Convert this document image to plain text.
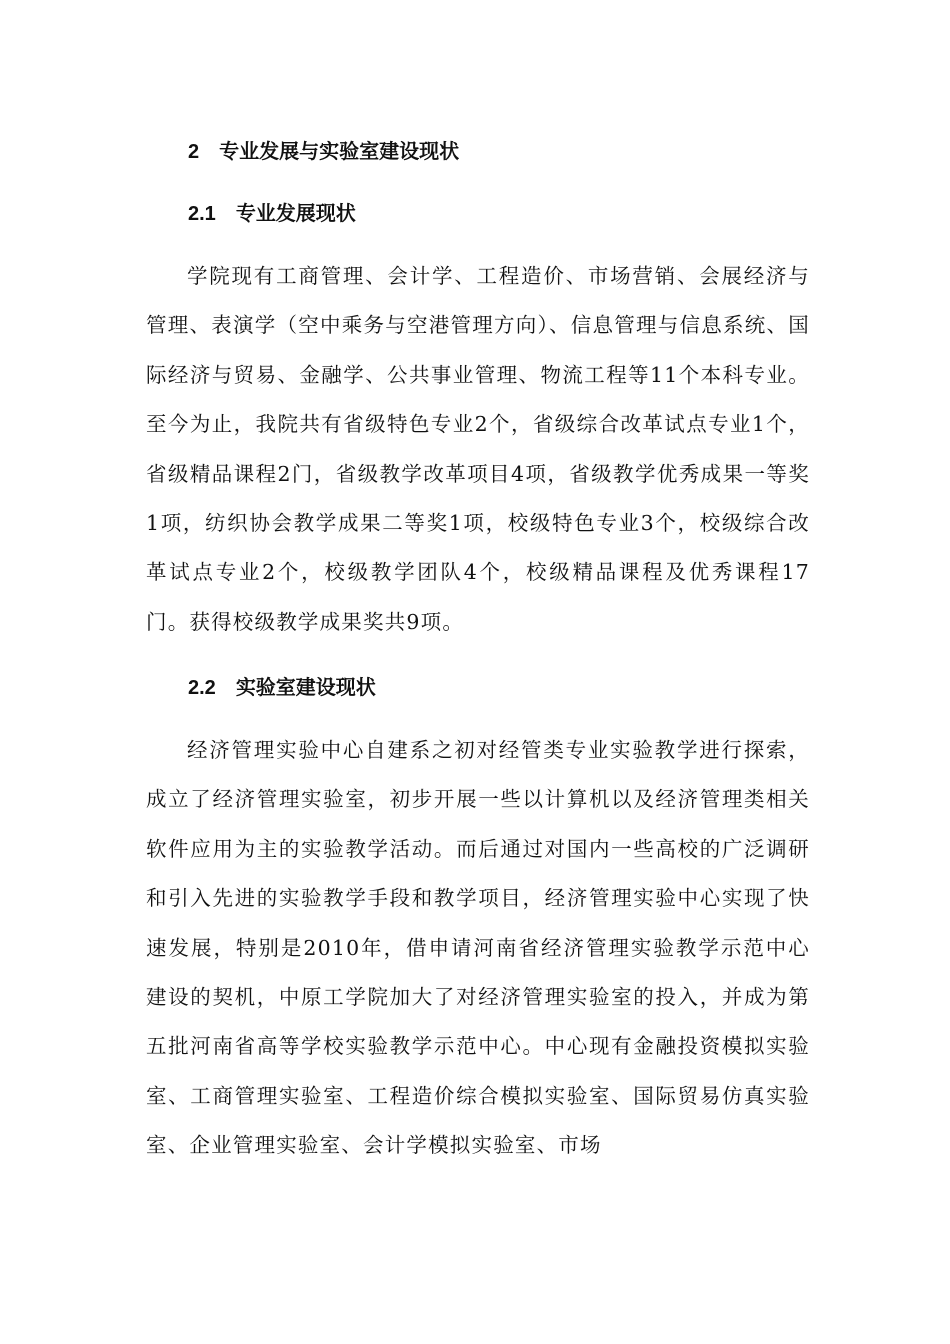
2 专业发展与实验室建设现状
2.1 专业发展现状
学院现有工商管理、会计学、工程造价、市场营销、会展经济与管理、表演学（空中乘务与空港管理方向）、信息管理与信息系统、国际经济与贸易、金融学、公共事业管理、物流工程等11个本科专业。至今为止，我院共有省级特色专业2个，省级综合改革试点专业1个，省级精品课程2门，省级教学改革项目4项，省级教学优秀成果一等奖1项，纺织协会教学成果二等奖1项，校级特色专业3个，校级综合改革试点专业2个，校级教学团队4个，校级精品课程及优秀课程17门。获得校级教学成果奖共9项。
2.2 实验室建设现状
经济管理实验中心自建系之初对经管类专业实验教学进行探索，成立了经济管理实验室，初步开展一些以计算机以及经济管理类相关软件应用为主的实验教学活动。而后通过对国内一些高校的广泛调研和引入先进的实验教学手段和教学项目，经济管理实验中心实现了快速发展，特别是2010年，借申请河南省经济管理实验教学示范中心建设的契机，中原工学院加大了对经济管理实验室的投入，并成为第五批河南省高等学校实验教学示范中心。中心现有金融投资模拟实验室、工商管理实验室、工程造价综合模拟实验室、国际贸易仿真实验室、企业管理实验室、会计学模拟实验室、市场
